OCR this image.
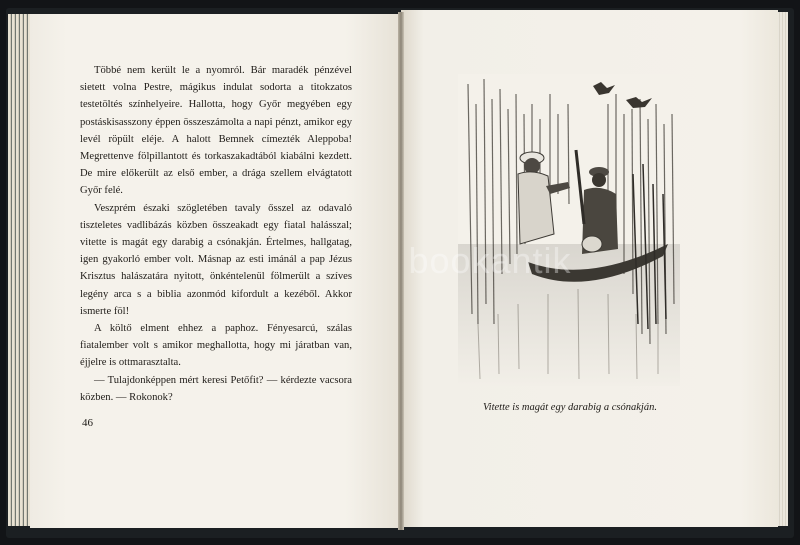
Többé nem került le a nyomról. Bár maradék pénzével sietett volna Pestre, mágikus indulat sodorta a titokzatos testetöltés színhelyeire. Hallotta, hogy Győr megyében egy postáskisasszony éppen összeszámolta a napi pénzt, amikor egy levél röpült eléje. A halott Bemnek címezték Aleppoba! Megrettenve fölpillantott és torkaszakadtából kiabálni kezdett. De mire előkerült az első ember, a drága szellem elvágtatott Győr felé.

Veszprém északi szögletében tavaly ősszel az odavaló tiszteletes vadlibázás közben összeakadt egy fiatal halásszal; vitette is magát egy darabig a csónakján. Értelmes, hallgatag, igen gyakorló ember volt. Másnap az esti imánál a pap Jézus Krisztus halászatára nyitott, önkéntelenül fölmerült a szíves legény arca s a biblia azonmód kifordult a kezéből. Akkor ismerte föl!

A költő elment ehhez a paphoz. Fényesarcú, szálas fiatalember volt s amikor meghallotta, hogy mi járatban van, éjjelre is ottmarasztalta.

— Tulajdonképpen mért keresi Petőfit? — kérdezte vacsora közben. — Rokonok?

46
Vitette is magát egy darabig a csónakján.
bookantik
